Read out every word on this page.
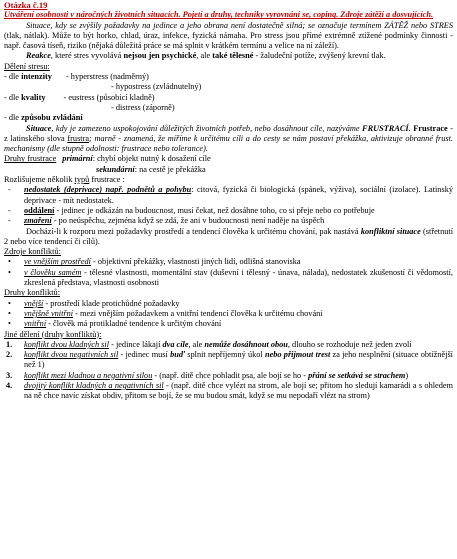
Otázka č.19

Utváření osobnosti v náročných životních situacích. Pojetí a druhy, techniky vyrovnání se, coping. Zdroje zátěží a dosvujících.

Situace, kdy se zvýšily požadavky na jedince a jeho obrana není dostatečně silná; se označuje termínem ZÁTĚŽ nebo STRES (tlak, nátlak). Může to být horko, chlad, úraz, infekce, fyzická námaha. Pro stress jsou přímé extrémně ztížené podmínky činnosti - např. časová tíseň, riziko (nějaká důležitá práce se má splnit v krátkém termínu a velice na ní záleží).

Reakce, které stres vyvolává nejsou jen psychické, ale také tělesné - žaludeční potíže, zvýšený krevní tlak.

Dělení stresu:
- dle intenzity - hyperstress (nadměrný)
- hypostress (zvládnutelný)
- dle kvality - eustress (působící kladně)
- distress (záporně)
- dle způsobu zvládání

Situace, kdy je zamezeno uspokojování důležitých životních potřeb, nebo dosáhnout cíle, nazýváme FRUSTRACÍ. Frustrace - z latinského slova frustra; marně - znamená, že míříme k určitému cíli a do cesty se nám postaví překážka, aktivizuje obranné frust. mechanismy (dle stupně odolnosti: frustrace nebo tolerance).

Druhy frustrace primární: chybí objekt nutný k dosažení cíle
sekundární: na cestě je překážka
Rozlišujeme několik typů frustrace :
-	nedostatek (deprivace) např. podnětů a pohybu: citová, fyzická či biologická (spánek, výživa), sociální (izolace). Latinský deprivace - mít nedostatek.
-	oddálení - jedinec je odkázán na budoucnost, musí čekat, než dosáhne toho, co si přeje nebo co potřebuje
-	zmaření - po neúspěchu, zejména když se zdá, že ani v budoucnosti není naděje na úspěch

Dochází-li k rozporu mezi požadavky prostředí a tendencí člověka k určitému chování, pak nastává konfliktní situace (střetnutí 2 nebo více tendencí či cílů).

Zdroje konfliktů:
•	ve vnějším prostředí - objektivní překážky, vlastnosti jiných lidí, odlišná stanoviska
•	v člověku samém - tělesné vlastnosti, momentální stav (duševní i tělesný - únava, nálada), nedostatek zkušeností či vědomostí, zkreslená představa, vlastnosti osobnosti
Druhy konfliktů:
•	vnější - prostředí klade protichůdné požadavky
•	vnějšně vnitřní - mezi vnějším požadavkem a vnitřní tendencí člověka k určitému chování
•	vnitřní - člověk má protikladné tendence k určitým chování
Jiné dělení (druhy konfliktů):
1.	konflikt dvou kladných sil - jedince lákají dva cíle, ale nemůže dosáhnout obou, dlouho se rozhoduje než jeden zvolí
2.	konflikt dvou negativních sil - jedinec musí buď splnit nepříjemný úkol nebo přijmout trest za jeho nesplnění (situace obtížnější než 1)
3.	konflikt mezi kladnou a negativní silou - (např. dítě chce pohladit psa, ale bojí se ho - přání se setkává se strachem)
4.	dvojitý konflikt kladných a negativních sil - (např. dítě chce vylézt na strom, ale bojí se; přitom ho sledují kamarádi a s ohledem na ně chce navíc získat obdiv, přitom se bojí, že se mu budou smát, když se mu nepodaří vlézt na strom)
